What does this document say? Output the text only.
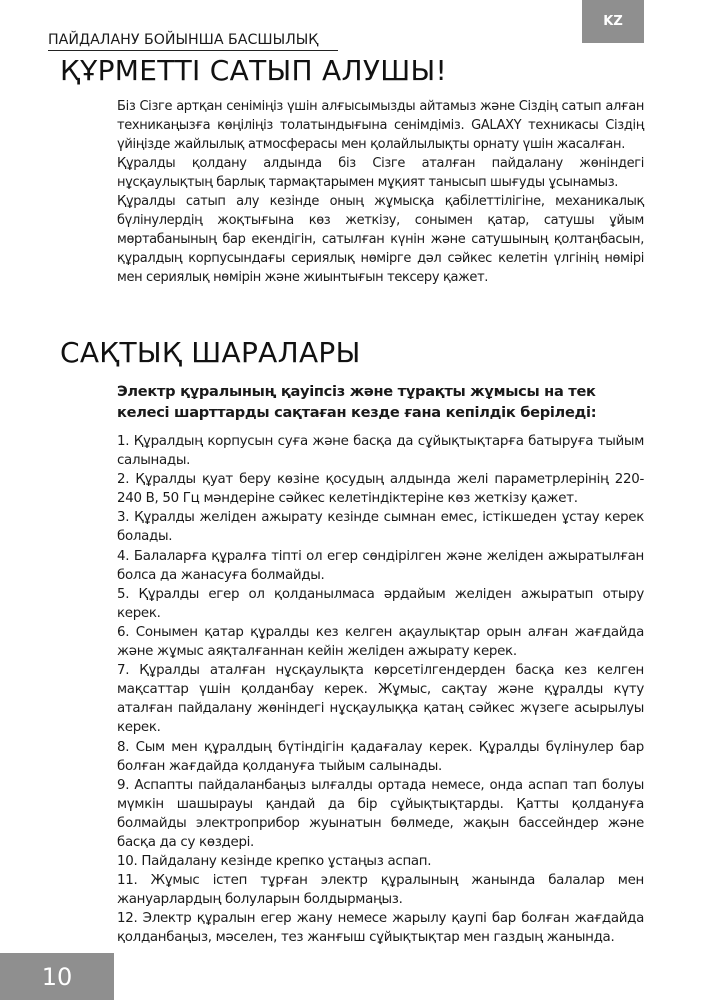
KZ
ПАЙДАЛАНУ БОЙЫНША БАСШЫЛЫҚ
ҚҰРМЕТТІ САТЫП АЛУШЫ!

Біз Сізге артқан сеніміңіз үшін алғысымызды айтамыз және Сіздің сатып алған техникаңызға көңіліңіз толатындығына сенімдіміз. GALAXY техникасы Сіздің үйіңізде жайлылық атмосферасы мен қолайлылықты орнату үшін жасалған.

Құралды қолдану алдында біз Сізге аталған пайдалану жөніндегі нұсқаулықтың барлық тармақтарымен мұқият танысып шығуды ұсынамыз.

Құралды сатып алу кезінде оның жұмысқа қабілеттілігіне, механикалық бүлінулердің жоқтығына көз жеткізу, сонымен қатар, сатушы ұйым мөртабанының бар екендігін, сатылған күнін және сатушының қолтаңбасын, құралдың корпусындағы сериялық нөмірге дәл сәйкес келетін үлгінің нөмірі мен сериялық нөмірін және жиынтығын тексеру қажет.

САҚТЫҚ ШАРАЛАРЫ
Электр құралының қауіпсіз және тұрақты жұмысы на тек келесі шарттарды сақтаған кезде ғана кепілдік беріледі:

1. Құралдың корпусын суға және басқа да сұйықтықтарға батыруға тыйым салынады.

2. Құралды қуат беру көзіне қосудың алдында желі параметрлерінің 220-240 В, 50 Гц мәндеріне сәйкес келетіндіктеріне көз жеткізу қажет.

3. Құралды желіден ажырату кезінде сымнан емес, істікшеден ұстау керек болады.

4. Балаларға құралға тіпті ол егер сөндірілген және желіден ажыратылған болса да жанасуға болмайды.

5. Құралды егер ол қолданылмаса әрдайым желіден ажыратып отыру керек.

6. Сонымен қатар құралды кез келген ақаулықтар орын алған жағдайда және жұмыс аяқталғаннан кейін желіден ажырату керек.

7. Құралды аталған нұсқаулықта көрсетілгендерден басқа кез келген мақсаттар үшін қолданбау керек. Жұмыс, сақтау және құралды күту аталған пайдалану жөніндегі нұсқаулыққа қатаң сәйкес жүзеге асырылуы керек.

8. Сым мен құралдың бүтіндігін қадағалау керек. Құралды бүлінулер бар болған жағдайда қолдануға тыйым салынады.

9. Аспапты пайдаланбаңыз ылғалды ортада немесе, онда аспап тап болуы мүмкін шашырауы қандай да бір сұйықтықтарды. Қатты қолдануға болмайды электроприбор жуынатын бөлмеде, жақын бассейндер және басқа да су көздері.

10. Пайдалану кезінде крепко ұстаңыз аспап.

11. Жұмыс істеп тұрған электр құралының жанында балалар мен жануарлардың болуларын болдырмаңыз.

12. Электр құралын егер жану немесе жарылу қаупі бар болған жағдайда қолданбаңыз, мәселен, тез жанғыш сұйықтықтар мен газдың жанында.

10
